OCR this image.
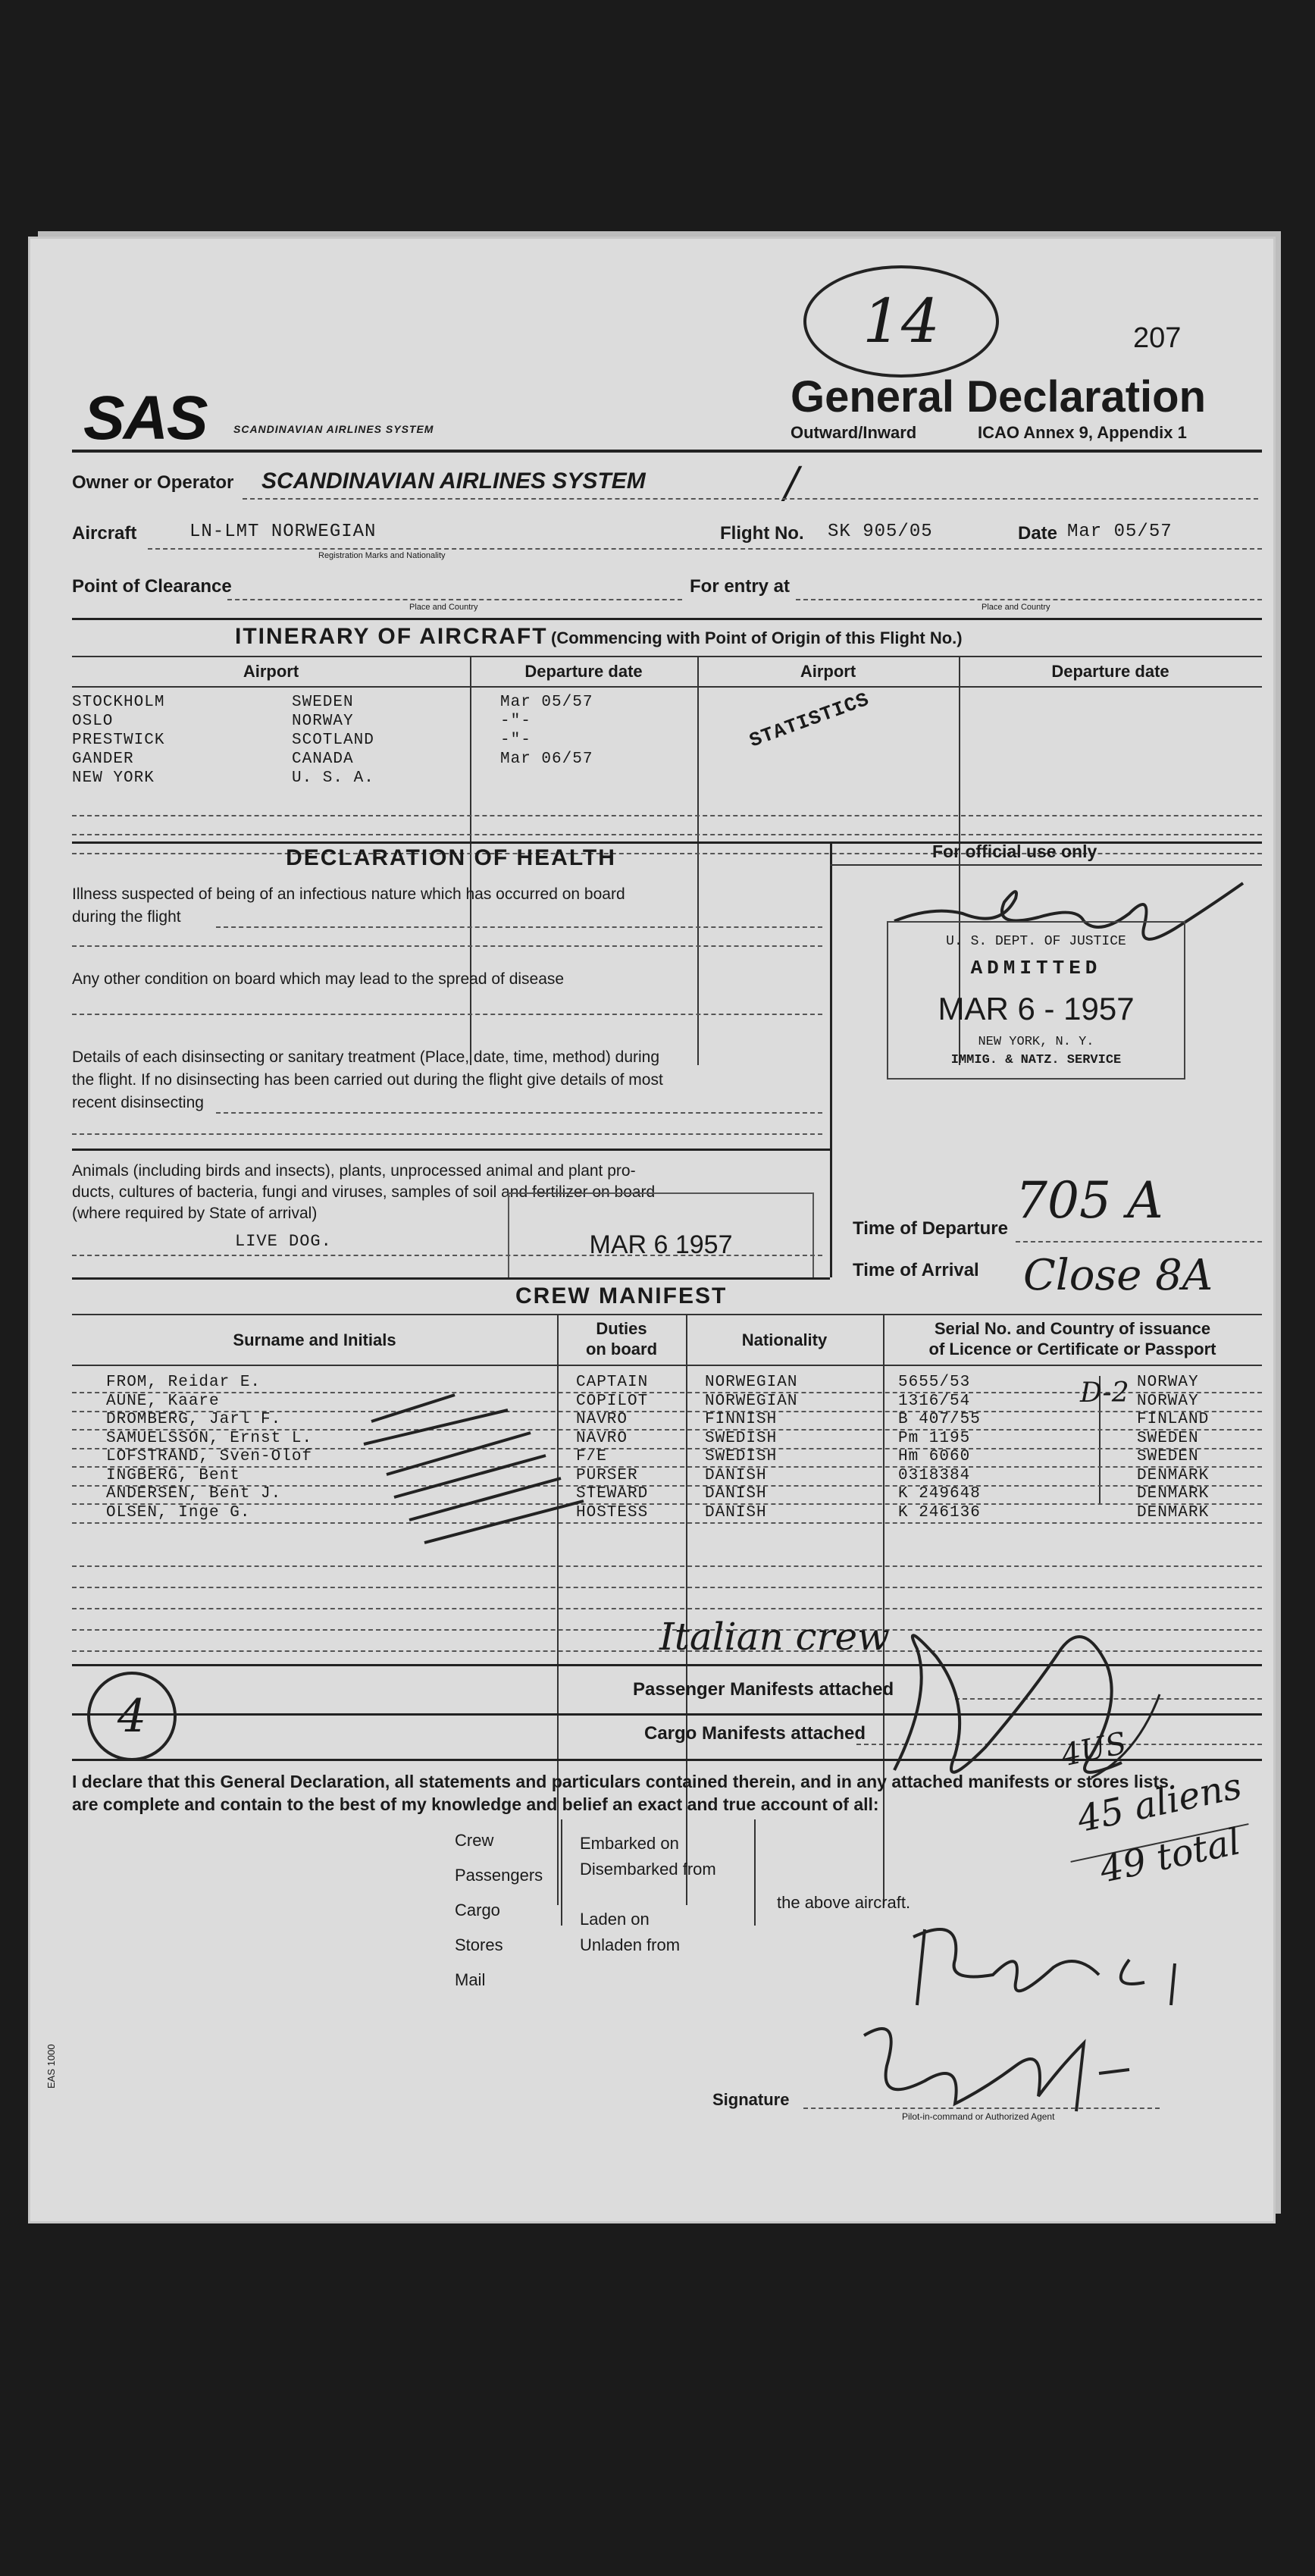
14	207
SAS	SCANDINAVIAN AIRLINES SYSTEM
General Declaration
Outward/Inward	ICAO Annex 9, Appendix 1
Owner or Operator SCANDINAVIAN AIRLINES SYSTEM	/
Aircraft	LN-LMT NORWEGIAN
Registration Marks and Nationality
Flight No. SK 905/05	Date Mar 05/57
Point of Clearance
Place and Country
For entry at
Place and Country
ITINERARY OF AIRCRAFT (Commencing with Point of Origin of this Flight No.)
Airport	Departure date	Airport	Departure date
STOCKHOLM	SWEDEN	Mar 05/57
OSLO	NORWAY	-"-
PRESTWICK	SCOTLAND	-"-
GANDER	CANADA	Mar 06/57
NEW YORK	U. S. A.
STATISTICS
DECLARATION OF HEALTH
Illness suspected of being of an infectious nature which has occurred on board
during the flight
Any other condition on board which may lead to the spread of disease
Details of each disinsecting or sanitary treatment (Place, date, time, method) during
the flight. If no disinsecting has been carried out during the flight give details of most
recent disinsecting
For official use only
U. S. DEPT. OF JUSTICE
ADMITTED
MAR 6 - 1957
NEW YORK, N. Y.
IMMIG. & NATZ. SERVICE
Animals (including birds and insects), plants, unprocessed animal and plant pro-
ducts, cultures of bacteria, fungi and viruses, samples of soil and fertilizer on board
(where required by State of arrival)
LIVE DOG.	MAR 6 1957
Time of Departure 705 A
Time of Arrival Close 8A
CREW MANIFEST
Surname and Initials
Duties
on board	Nationality
Serial No. and Country of issuance
of Licence or Certificate or Passport
FROM, Reidar E.	CAPTAIN	NORWEGIAN	5655/53	NORWAY
AUNE, Kaare	COPILOT	NORWEGIAN	1316/54	NORWAY
DROMBERG, Jarl F.	NAVRO	FINNISH	B 407/55	FINLAND
SAMUELSSON, Ernst L.	NAVRO	SWEDISH	Pm 1195	SWEDEN
LOFSTRAND, Sven-Olof	F/E	SWEDISH	Hm 6060	SWEDEN
INGBERG, Bent	PURSER	DANISH	0318384	DENMARK
ANDERSEN, Bent J.	STEWARD	DANISH	K 249648	DENMARK
OLSEN, Inge G.	HOSTESS	DANISH	K 246136	DENMARK
Italian crew
D-2
4
Passenger Manifests attached
Cargo Manifests attached
I declare that this General Declaration, all statements and particulars contained therein, and in any attached manifests or stores lists
are complete and contain to the best of my knowledge and belief an exact and true account of all:
Crew
Passengers
Cargo
Stores
Mail
Embarked on
Disembarked from
Laden on
Unladen from
the above aircraft.
4US
45 aliens
49 total
Signature
Pilot-in-command or Authorized Agent
EAS 1000
